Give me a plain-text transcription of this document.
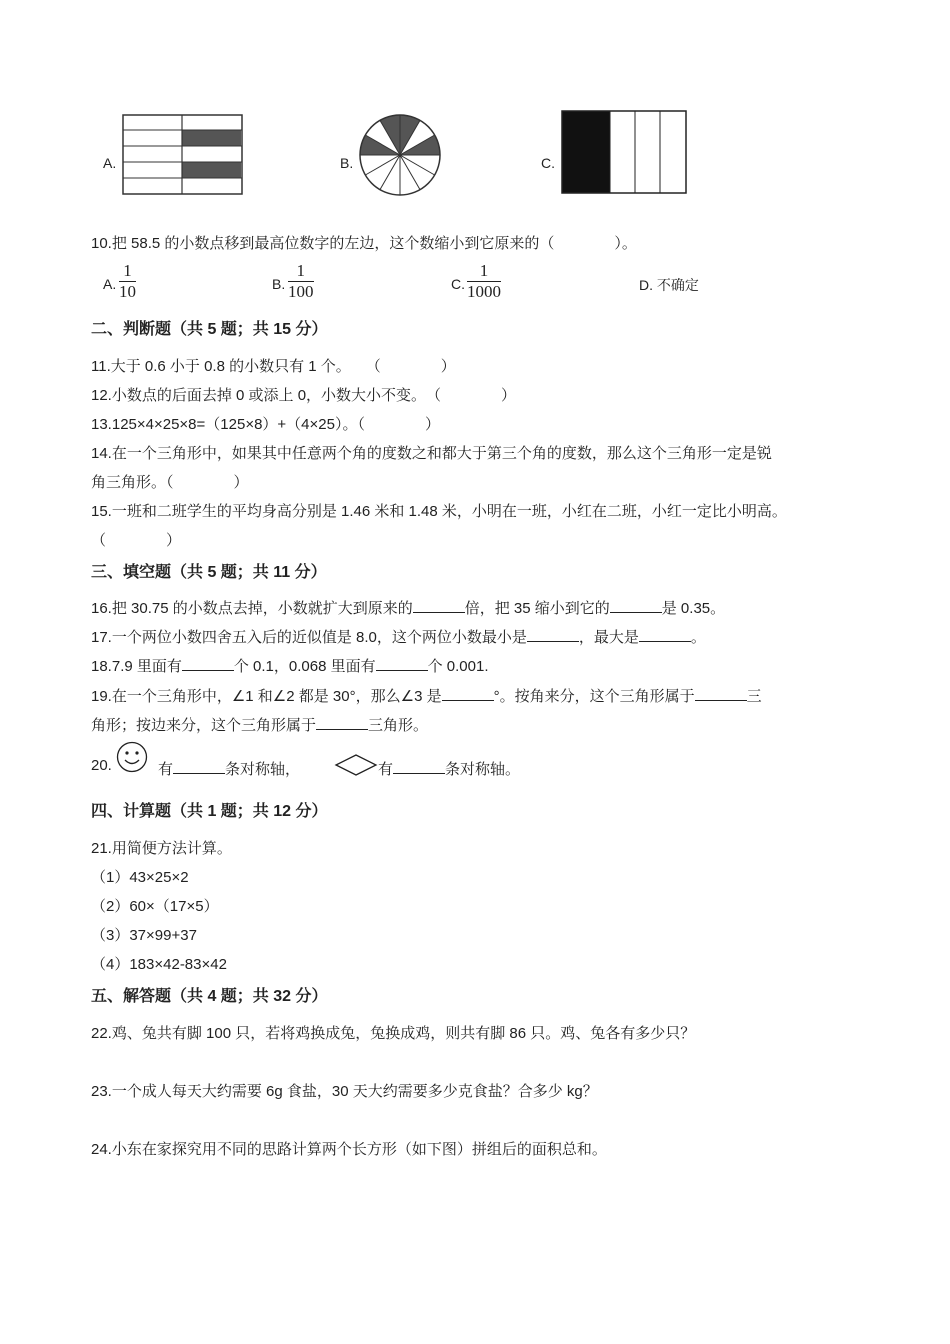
A.	B.	C.
10.把 58.5 的小数点移到最高位数字的左边，这个数缩小到它原来的（　　　　）。
A. $\frac{1}{10}$	B. $\frac{1}{100}$	C. $\frac{1}{1000}$	D. 不确定
二、判断题（共 5 题；共 15 分）
11.大于 0.6 小于 0.8 的小数只有 1 个。　　（　　　　）
12.小数点的后面去掉 0 或添上 0，小数大小不变。　（　　　　）
13.125×4×25×8=（125×8）+（4×25）。（　　　　）
14.在一个三角形中，如果其中任意两个角的度数之和都大于第三个角的度数，那么这个三角形一定是锐
角三角形。（　　　　）
15.一班和二班学生的平均身高分别是 1.46 米和 1.48 米，小明在一班，小红在二班，小红一定比小明高。
（　　　　）
三、填空题（共 5 题；共 11 分）
16.把 30.75 的小数点去掉，小数就扩大到原来的	倍，把 35 缩小到它的	是 0.35。
17.一个两位小数四舍五入后的近似值是 8.0，这个两位小数最小是	，最大是	。
18.7.9 里面有	个 0.1，0.068 里面有	个 0.001.
19.在一个三角形中，∠1 和∠2 都是 30°，那么∠3 是	°。按角来分，这个三角形属于	三
角形；按边来分，这个三角形属于	三角形。
20.	有	条对称轴，	有	条对称轴。
四、计算题（共 1 题；共 12 分）
21.用简便方法计算。
（1）43×25×2
（2）60×（17×5）
（3）37×99+37
（4）183×42-83×42
五、解答题（共 4 题；共 32 分）
22.鸡、兔共有脚 100 只，若将鸡换成兔，兔换成鸡，则共有脚 86 只。鸡、兔各有多少只？
23.一个成人每天大约需要 6g 食盐，30 天大约需要多少克食盐？合多少 kg？
24.小东在家探究用不同的思路计算两个长方形（如下图）拼组后的面积总和。
